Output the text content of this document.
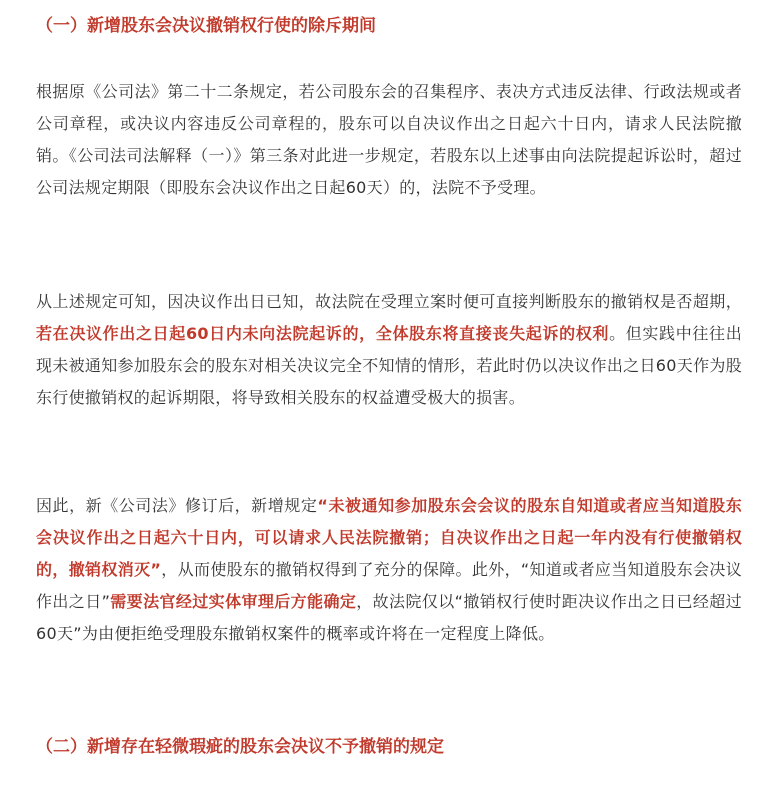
（一）新增股东会决议撤销权行使的除斥期间

根据原《公司法》第二十二条规定，若公司股东会的召集程序、表决方式违反法律、行政法规或者公司章程，或决议内容违反公司章程的，股东可以自决议作出之日起六十日内，请求人民法院撤销。《公司法司法解释（一）》第三条对此进一步规定，若股东以上述事由向法院提起诉讼时，超过公司法规定期限（即股东会决议作出之日起60天）的，法院不予受理。

从上述规定可知，因决议作出日已知，故法院在受理立案时便可直接判断股东的撤销权是否超期，若在决议作出之日起60日内未向法院起诉的，全体股东将直接丧失起诉的权利。但实践中往往出现未被通知参加股东会的股东对相关决议完全不知情的情形，若此时仍以决议作出之日60天作为股东行使撤销权的起诉期限，将导致相关股东的权益遭受极大的损害。

因此，新《公司法》修订后，新增规定“未被通知参加股东会会议的股东自知道或者应当知道股东会决议作出之日起六十日内，可以请求人民法院撤销；自决议作出之日起一年内没有行使撤销权的，撤销权消灭”，从而使股东的撤销权得到了充分的保障。此外，“知道或者应当知道股东会决议作出之日”需要法官经过实体审理后方能确定，故法院仅以“撤销权行使时距决议作出之日已经超过60天”为由便拒绝受理股东撤销权案件的概率或许将在一定程度上降低。

（二）新增存在轻微瑕疵的股东会决议不予撤销的规定
